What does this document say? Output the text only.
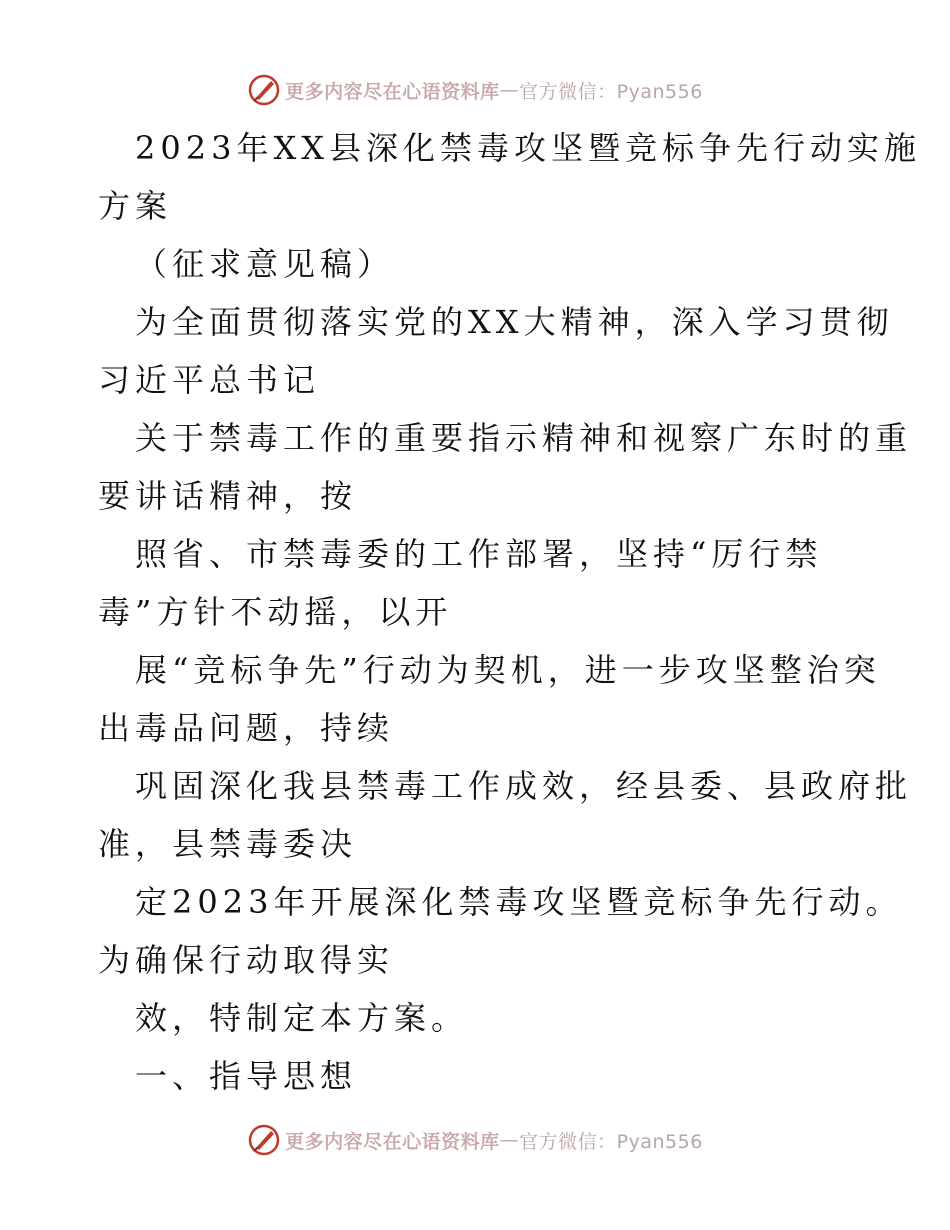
更多内容尽在心语资料库 — 官方微信：Pyan556
2023年XX县深化禁毒攻坚暨竞标争先行动实施
方案
（征求意见稿）
为全面贯彻落实党的XX大精神，深入学习贯彻
习近平总书记
关于禁毒工作的重要指示精神和视察广东时的重
要讲话精神，按
照省、市禁毒委的工作部署，坚持“厉行禁
毒”方针不动摇，以开
展“竞标争先”行动为契机，进一步攻坚整治突
出毒品问题，持续
巩固深化我县禁毒工作成效，经县委、县政府批
准，县禁毒委决
定2023年开展深化禁毒攻坚暨竞标争先行动。
为确保行动取得实
效，特制定本方案。
一、指导思想
更多内容尽在心语资料库 — 官方微信：Pyan556
